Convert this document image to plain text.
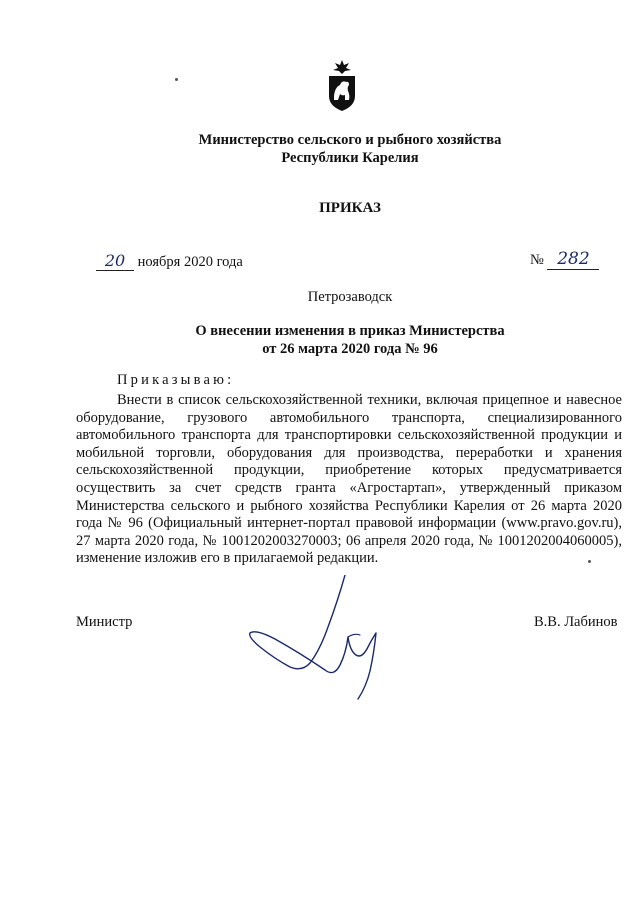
Министерство сельского и рыбного хозяйства
Республики Карелия
ПРИКАЗ
20 ноября 2020 года	№ 282
Петрозаводск
О внесении изменения в приказ Министерства
от 26 марта 2020 года № 96
Приказываю:

Внести в список сельскохозяйственной техники, включая прицепное и навесное оборудование, грузового автомобильного транспорта, специализированного автомобильного транспорта для транспортировки сельскохозяйственной продукции и мобильной торговли, оборудования для производства, переработки и хранения сельскохозяйственной продукции, приобретение которых предусматривается осуществить за счет средств гранта «Агростартап», утвержденный приказом Министерства сельского и рыбного хозяйства Республики Карелия от 26 марта 2020 года № 96 (Официальный интернет-портал правовой информации (www.pravo.gov.ru), 27 марта 2020 года, № 1001202003270003; 06 апреля 2020 года, № 1001202004060005), изменение изложив его в прилагаемой редакции.

Министр	В.В. Лабинов
